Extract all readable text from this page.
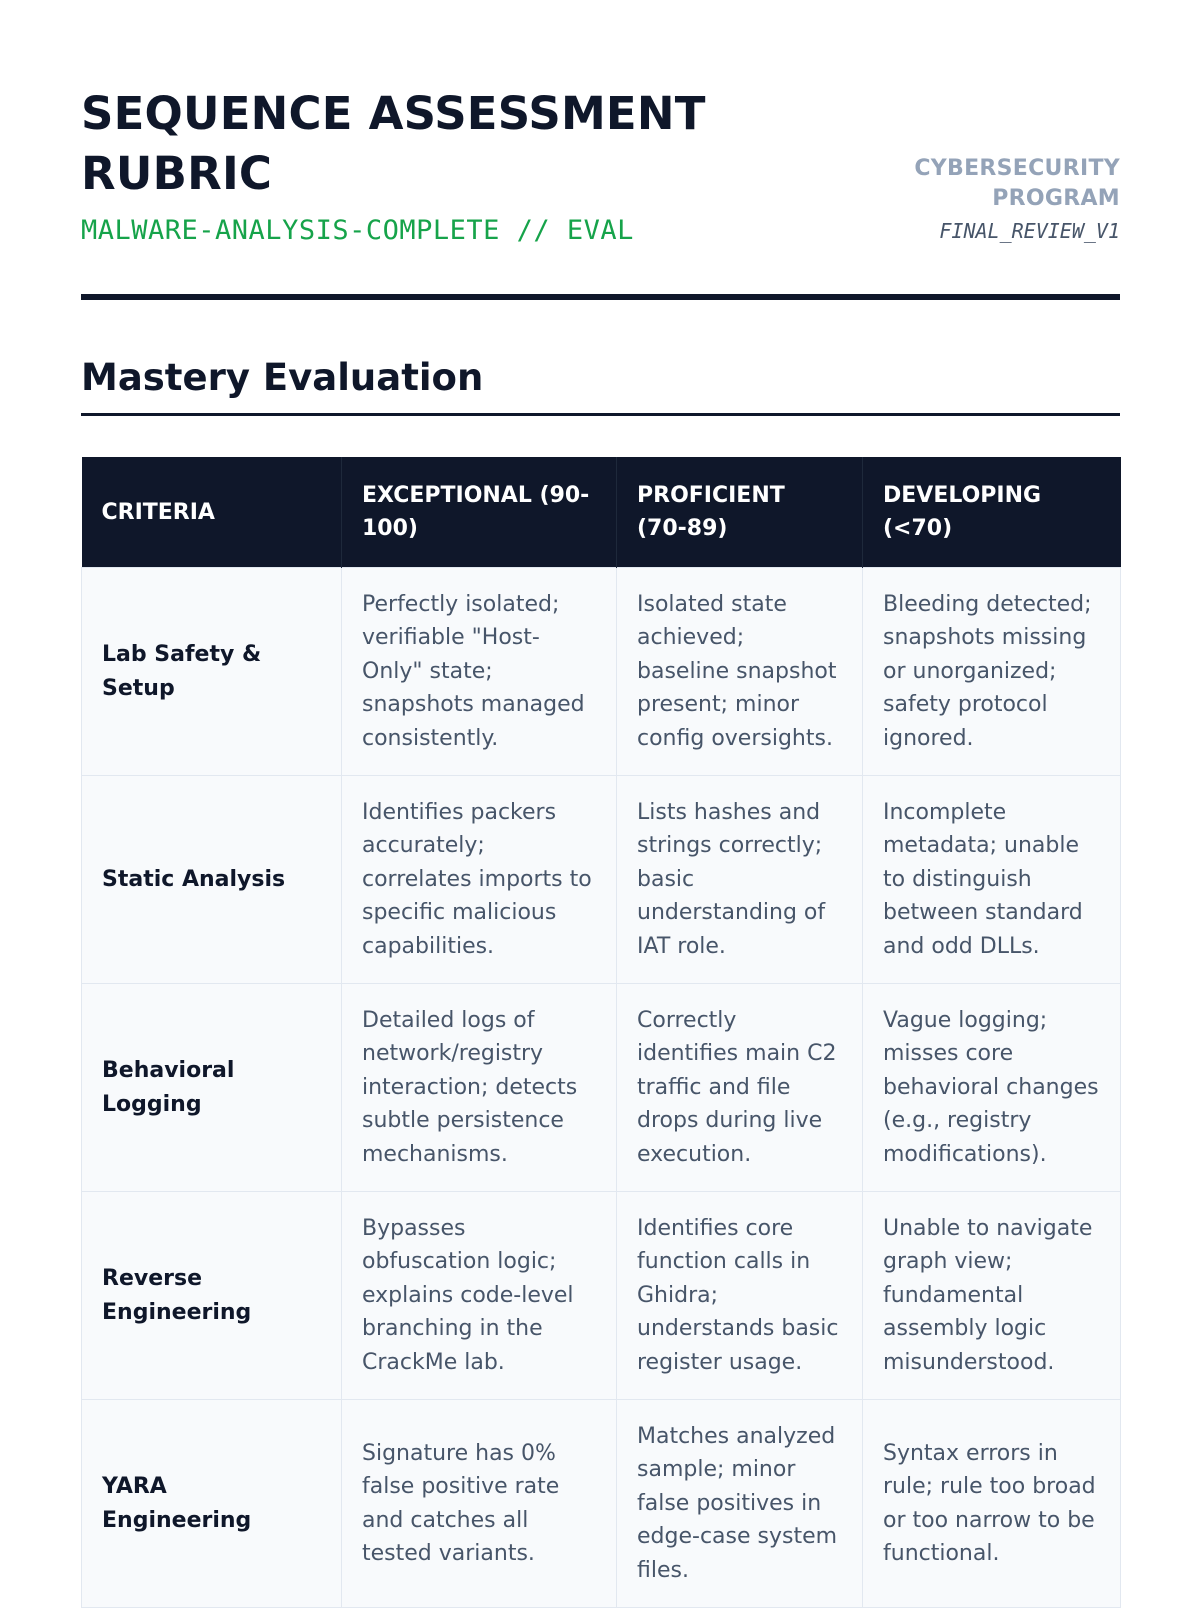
SEQUENCE ASSESSMENT RUBRIC
MALWARE-ANALYSIS-COMPLETE // EVAL
CYBERSECURITY PROGRAM
FINAL_REVIEW_V1
Mastery Evaluation
CRITERIA	EXCEPTIONAL (90-100)	PROFICIENT (70-89)	DEVELOPING (<70)
Lab Safety & Setup	Perfectly isolated; verifiable "Host-Only" state; snapshots managed consistently.	Isolated state achieved; baseline snapshot present; minor config oversights.	Bleeding detected; snapshots missing or unorganized; safety protocol ignored.
Static Analysis	Identifies packers accurately; correlates imports to specific malicious capabilities.	Lists hashes and strings correctly; basic understanding of IAT role.	Incomplete metadata; unable to distinguish between standard and odd DLLs.
Behavioral Logging	Detailed logs of network/registry interaction; detects subtle persistence mechanisms.	Correctly identifies main C2 traffic and file drops during live execution.	Vague logging; misses core behavioral changes (e.g., registry modifications).
Reverse Engineering	Bypasses obfuscation logic; explains code-level branching in the CrackMe lab.	Identifies core function calls in Ghidra; understands basic register usage.	Unable to navigate graph view; fundamental assembly logic misunderstood.
YARA Engineering	Signature has 0% false positive rate and catches all tested variants.	Matches analyzed sample; minor false positives in edge-case system files.	Syntax errors in rule; rule too broad or too narrow to be functional.
